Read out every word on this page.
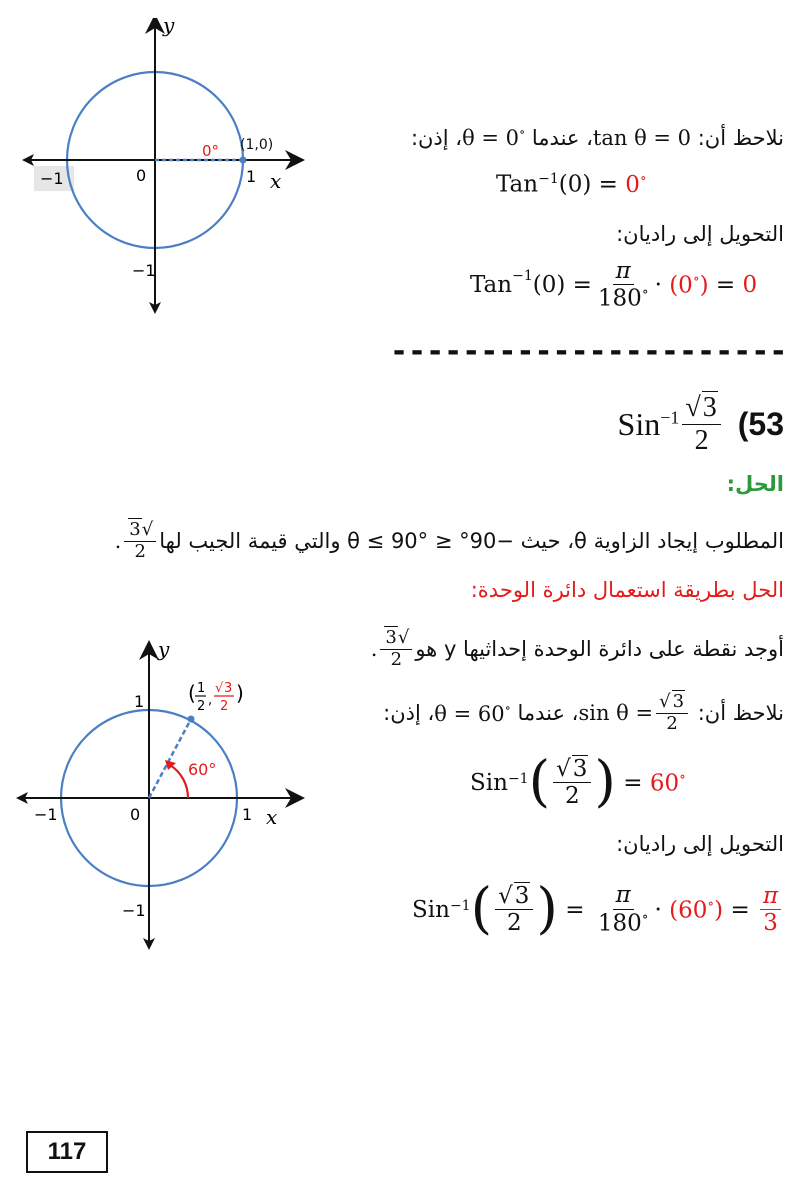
y
x
0	1
−1
−1
0° (1,0)	نلاحظ أن: tan θ = 0، عندما θ = 0∘، إذن:
Tan$^{-1}$(0) = 0∘
التحويل إلى راديان:
Tan$^{-1}$ $(0) = \frac{\pi}{180^\circ} \cdot (0^\circ)$
=
0
----------------------
$Sin^{-1} \frac{√3}{2} 53$)
الحل:
المطلوب إيجاد الزاوية θ، حيث −90° ≤ θ ≤ 90° والتي قيمة الجيب لها
$\frac{√3}{2}$
.
الحل بطريقة استعمال دائرة الوحدة:
y
x
0	1
1
−1
−1
60°
( 1
2 ,
√ 3
2
)
أوجد نقطة على دائرة الوحدة إحداثيها y هو
$\frac{√3}{2}$
.
نلاحظ أن:

$\sin \theta = \frac{√ 3}{2}$
، عندما

θ = 60∘
، إذن:
Sin −1 ( $\frac{√3}{2}$ ) = 60∘
التحويل إلى راديان:
Sin −1 ( $\frac{√3}{2}$ ) = $\frac{\pi}{180^\circ} \cdot (60^\circ) = \frac{\pi}{3}$
117
